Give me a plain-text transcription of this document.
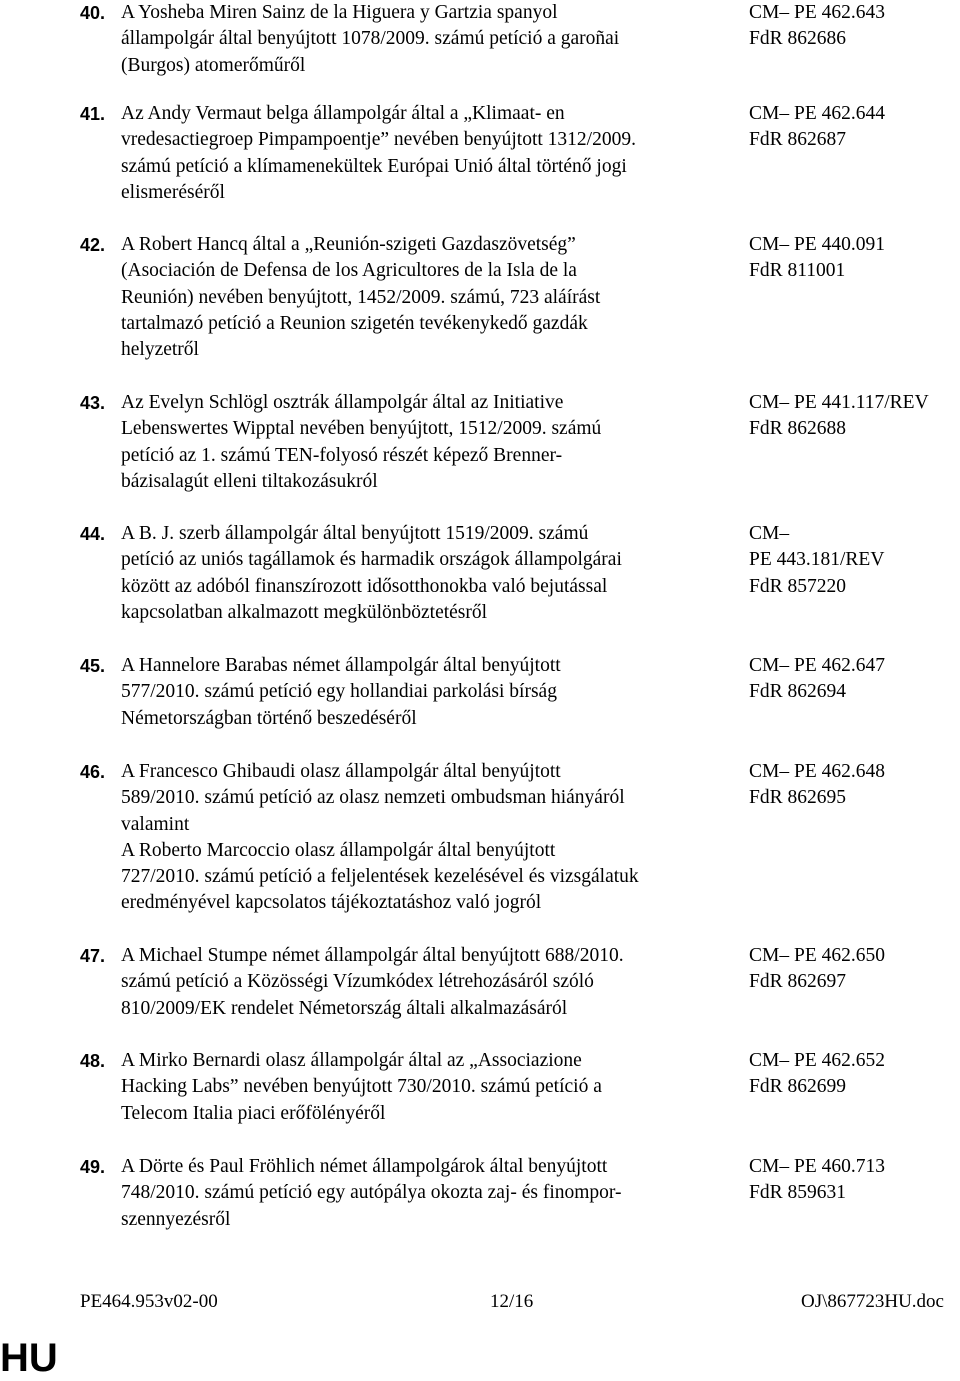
40. A Yosheba Miren Sainz de la Higuera y Gartzia spanyol
állampolgár által benyújtott 1078/2009. számú petíció a garoñai
(Burgos) atomerőműről
CM– PE 462.643
FdR 862686
41. Az Andy Vermaut belga állampolgár által a „Klimaat- en
vredesactiegroep Pimpampoentje” nevében benyújtott 1312/2009.
számú petíció a klímamenekültek Európai Unió által történő jogi
elismeréséről
CM– PE 462.644
FdR 862687
42. A Robert Hancq által a „Reunión-szigeti Gazdaszövetség”
(Asociación de Defensa de los Agricultores de la Isla de la
Reunión) nevében benyújtott, 1452/2009. számú, 723 aláírást
tartalmazó petíció a Reunion szigetén tevékenykedő gazdák
helyzetről
CM– PE 440.091
FdR 811001
43. Az Evelyn Schlögl osztrák állampolgár által az Initiative
Lebenswertes Wipptal nevében benyújtott, 1512/2009. számú
petíció az 1. számú TEN-folyosó részét képező Brenner-
bázisalagút elleni tiltakozásukról
CM– PE 441.117/REV
FdR 862688
44. A B. J. szerb állampolgár által benyújtott 1519/2009. számú
petíció az uniós tagállamok és harmadik országok állampolgárai
között az adóból finanszírozott idősotthonokba való bejutással
kapcsolatban alkalmazott megkülönböztetésről
CM–
PE 443.181/REV
FdR 857220
45. A Hannelore Barabas német állampolgár által benyújtott
577/2010. számú petíció egy hollandiai parkolási bírság
Németországban történő beszedéséről
CM– PE 462.647
FdR 862694
46. A Francesco Ghibaudi olasz állampolgár által benyújtott
589/2010. számú petíció az olasz nemzeti ombudsman hiányáról
valamint
A Roberto Marcoccio olasz állampolgár által benyújtott
727/2010. számú petíció a feljelentések kezelésével és vizsgálatuk
eredményével kapcsolatos tájékoztatáshoz való jogról
CM– PE 462.648
FdR 862695
47. A Michael Stumpe német állampolgár által benyújtott 688/2010.
számú petíció a Közösségi Vízumkódex létrehozásáról szóló
810/2009/EK rendelet Németország általi alkalmazásáról
CM– PE 462.650
FdR 862697
48. A Mirko Bernardi olasz állampolgár által az „Associazione
Hacking Labs” nevében benyújtott 730/2010. számú petíció a
Telecom Italia piaci erőfölényéről
CM– PE 462.652
FdR 862699
49. A Dörte és Paul Fröhlich német állampolgárok által benyújtott
748/2010. számú petíció egy autópálya okozta zaj- és finompor-
szennyezésről
CM– PE 460.713
FdR 859631
PE464.953v02-00	12/16	OJ\867723HU.doc
HU
